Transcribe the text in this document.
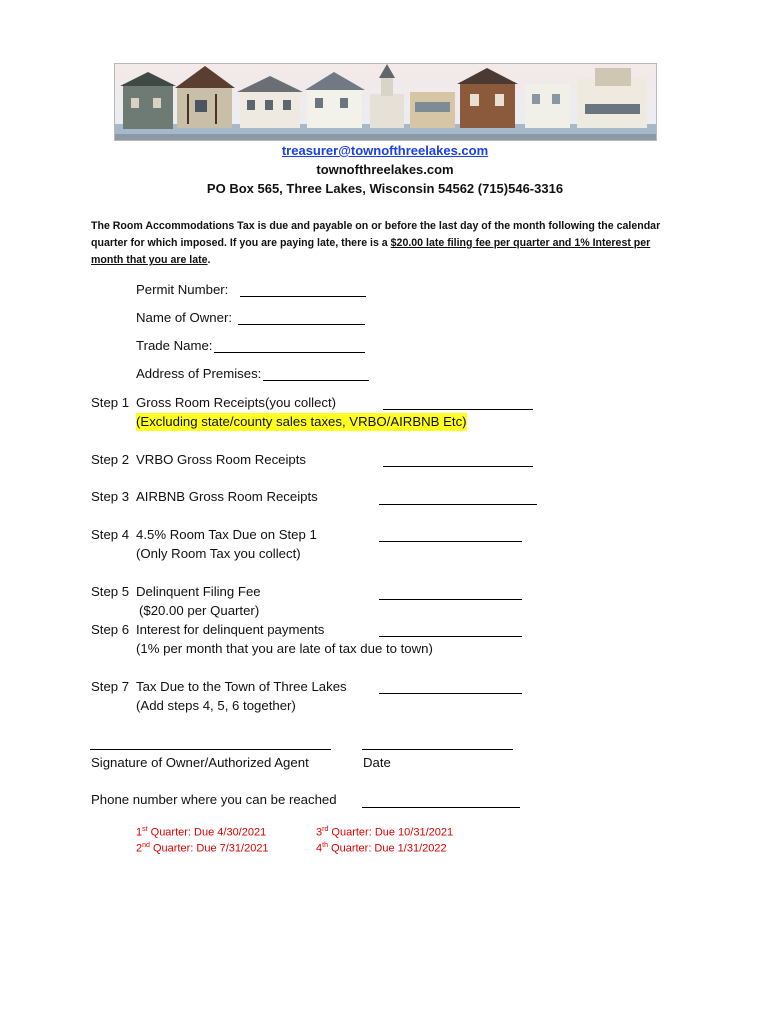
treasurer@townofthreelakes.com
townofthreelakes.com
PO Box 565, Three Lakes, Wisconsin 54562 (715)546-3316
The Room Accommodations Tax is due and payable on or before the last day of the month following the calendar quarter for which imposed. If you are paying late, there is a $20.00 late filing fee per quarter and 1% Interest per month that you are late.
Permit Number:
Name of Owner:
Trade Name:
Address of Premises:
Step 1 Gross Room Receipts(you collect)
(Excluding state/county sales taxes, VRBO/AIRBNB Etc)
Step 2 VRBO Gross Room Receipts
Step 3 AIRBNB Gross Room Receipts
Step 4 4.5% Room Tax Due on Step 1
(Only Room Tax you collect)
Step 5 Delinquent Filing Fee
($20.00 per Quarter)
Step 6 Interest for delinquent payments
(1% per month that you are late of tax due to town)
Step 7 Tax Due to the Town of Three Lakes
(Add steps 4, 5, 6 together)
Signature of Owner/Authorized Agent	Date
Phone number where you can be reached
1st Quarter: Due 4/30/2021
2nd Quarter: Due 7/31/2021
3rd Quarter: Due 10/31/2021
4th Quarter: Due 1/31/2022
